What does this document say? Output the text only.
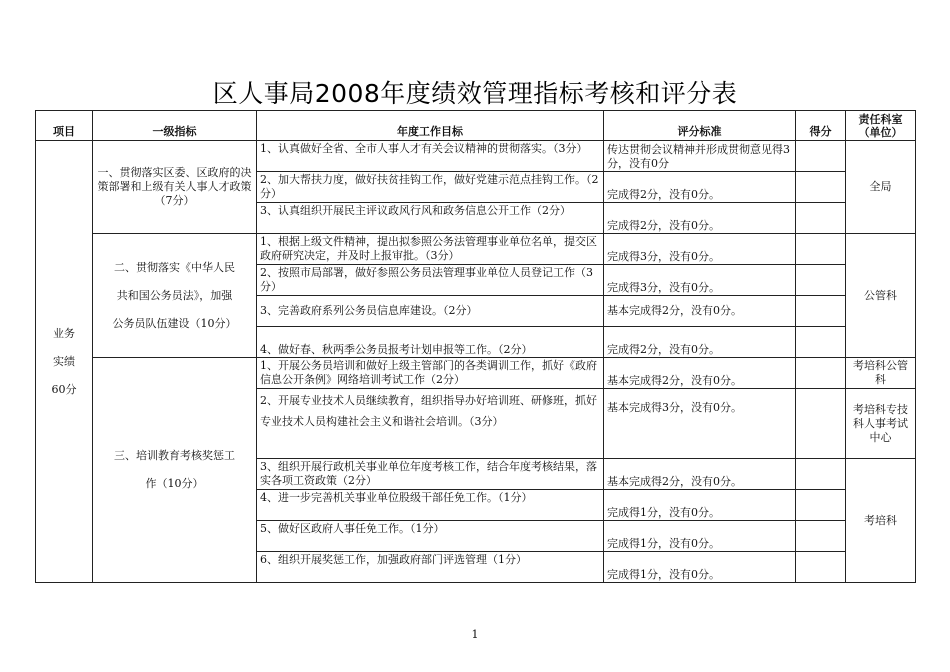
区人事局2008年度绩效管理指标考核和评分表
项目	一级指标	年度工作目标	评分标准	得分	责任科室（单位）

业务
实绩
60分	一、贯彻落实区委、区政府的决策部署和上级有关人事人才政策（7分）	1、认真做好全省、全市人事人才有关会议精神的贯彻落实。（3分）	传达贯彻会议精神并形成贯彻意见得3分，没有0分		全局
		2、加大帮扶力度，做好扶贫挂钩工作，做好党建示范点挂钩工作。（2分）	完成得2分，没有0分。		
		3、认真组织开展民主评议政风行风和政务信息公开工作（2分）	完成得2分，没有0分。		

	二、贯彻落实《中华人民
共和国公务员法》，加强
公务员队伍建设（10分）	1、根据上级文件精神，提出拟参照公务法管理事业单位名单，提交区政府研究决定，并及时上报审批。（3分）	完成得3分，没有0分。		公管科
		2、按照市局部署，做好参照公务员法管理事业单位人员登记工作（3分）	完成得3分，没有0分。		
		3、完善政府系列公务员信息库建设。（2分）	基本完成得2分，没有0分。		
		4、做好春、秋两季公务员报考计划申报等工作。（2分）	完成得2分，没有0分。		

	三、培训教育考核奖惩工
作（10分）	1、开展公务员培训和做好上级主管部门的各类调训工作，抓好《政府信息公开条例》网络培训考试工作（2分）	基本完成得2分，没有0分。		考培科公管科
		2、开展专业技术人员继续教育，组织指导办好培训班、研修班，抓好专业技术人员构建社会主义和谐社会培训。（3分）	基本完成得3分，没有0分。		考培科专技科人事考试中心
		3、组织开展行政机关事业单位年度考核工作，结合年度考核结果，落实各项工资政策（2分）	基本完成得2分，没有0分。		考培科
		4、进一步完善机关事业单位股级干部任免工作。（1分）	完成得1分，没有0分。		
		5、做好区政府人事任免工作。（1分）	完成得1分，没有0分。		
		6、组织开展奖惩工作，加强政府部门评选管理（1分）	完成得1分，没有0分。		
1
